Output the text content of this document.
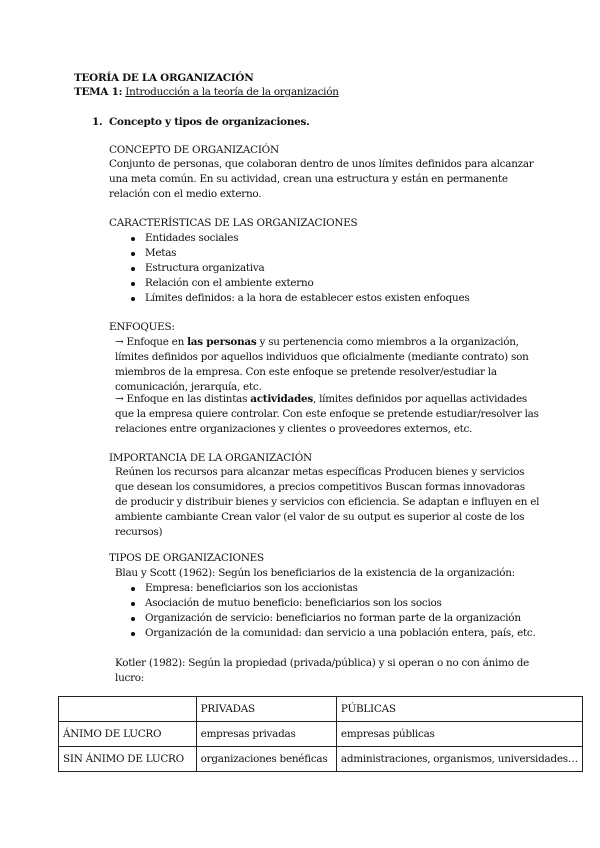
TEORÍA DE LA ORGANIZACIÓN
TEMA 1: Introducción a la teoría de la organización
1. Concepto y tipos de organizaciones.
CONCEPTO DE ORGANIZACIÓN
Conjunto de personas, que colaboran dentro de unos límites definidos para alcanzar
una meta común. En su actividad, crean una estructura y están en permanente
relación con el medio externo.
CARACTERÍSTICAS DE LAS ORGANIZACIONES
Entidades sociales
Metas
Estructura organizativa
Relación con el ambiente externo
Límites definidos: a la hora de establecer estos existen enfoques
ENFOQUES:
→ Enfoque en las personas y su pertenencia como miembros a la organización,
límites definidos por aquellos individuos que oficialmente (mediante contrato) son
miembros de la empresa. Con este enfoque se pretende resolver/estudiar la
comunicación, jerarquía, etc.
→ Enfoque en las distintas actividades, límites definidos por aquellas actividades
que la empresa quiere controlar. Con este enfoque se pretende estudiar/resolver las
relaciones entre organizaciones y clientes o proveedores externos, etc.
IMPORTANCIA DE LA ORGANIZACIÓN
Reúnen los recursos para alcanzar metas específicas Producen bienes y servicios
que desean los consumidores, a precios competitivos Buscan formas innovadoras
de producir y distribuir bienes y servicios con eficiencia. Se adaptan e influyen en el
ambiente cambiante Crean valor (el valor de su output es superior al coste de los
recursos)
TIPOS DE ORGANIZACIONES
Blau y Scott (1962): Según los beneficiarios de la existencia de la organización:
Empresa: beneficiarios son los accionistas
Asociación de mutuo beneficio: beneficiarios son los socios
Organización de servicio: beneficiarios no forman parte de la organización
Organización de la comunidad: dan servicio a una población entera, país, etc.
Kotler (1982): Según la propiedad (privada/pública) y si operan o no con ánimo de
lucro:
	PRIVADAS	PÚBLICAS
ÁNIMO DE LUCRO	empresas privadas	empresas públicas
SIN ÁNIMO DE LUCRO	organizaciones benéficas	administraciones, organismos, universidades…
